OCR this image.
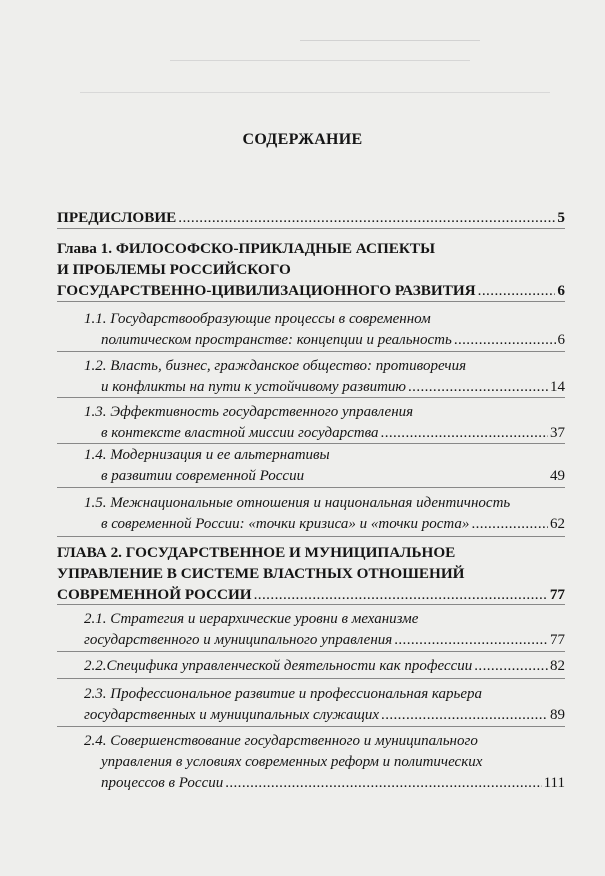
СОДЕРЖАНИЕ
ПРЕДИСЛОВИЕ .....	5
Глава 1. ФИЛОСОФСКО-ПРИКЛАДНЫЕ АСПЕКТЫ
И ПРОБЛЕМЫ РОССИЙСКОГО
ГОСУДАРСТВЕННО-ЦИВИЛИЗАЦИОННОГО РАЗВИТИЯ .....	6
1.1. Государствообразующие процессы в современном
политическом пространстве: концепции и реальность .....	6
1.2. Власть, бизнес, гражданское общество: противоречия
и конфликты на пути к устойчивому развитию .....	14
1.3. Эффективность государственного управления
в контексте властной миссии государства .....	37
1.4. Модернизация и ее альтернативы
в развитии современной России	49
1.5. Межнациональные отношения и национальная идентичность
в современной России: «точки кризиса» и «точки роста» .....	62
ГЛАВА 2. ГОСУДАРСТВЕННОЕ И МУНИЦИПАЛЬНОЕ
УПРАВЛЕНИЕ В СИСТЕМЕ ВЛАСТНЫХ ОТНОШЕНИЙ
СОВРЕМЕННОЙ РОССИИ .....	77
2.1. Стратегия и иерархические уровни в механизме
государственного и муниципального управления .....	77
2.2.Специфика управленческой деятельности как профессии .....	82
2.3. Профессиональное развитие и профессиональная карьера
государственных и муниципальных служащих .....	89
2.4. Совершенствование государственного и муниципального
управления в условиях современных реформ и политических
процессов в России .....	111
